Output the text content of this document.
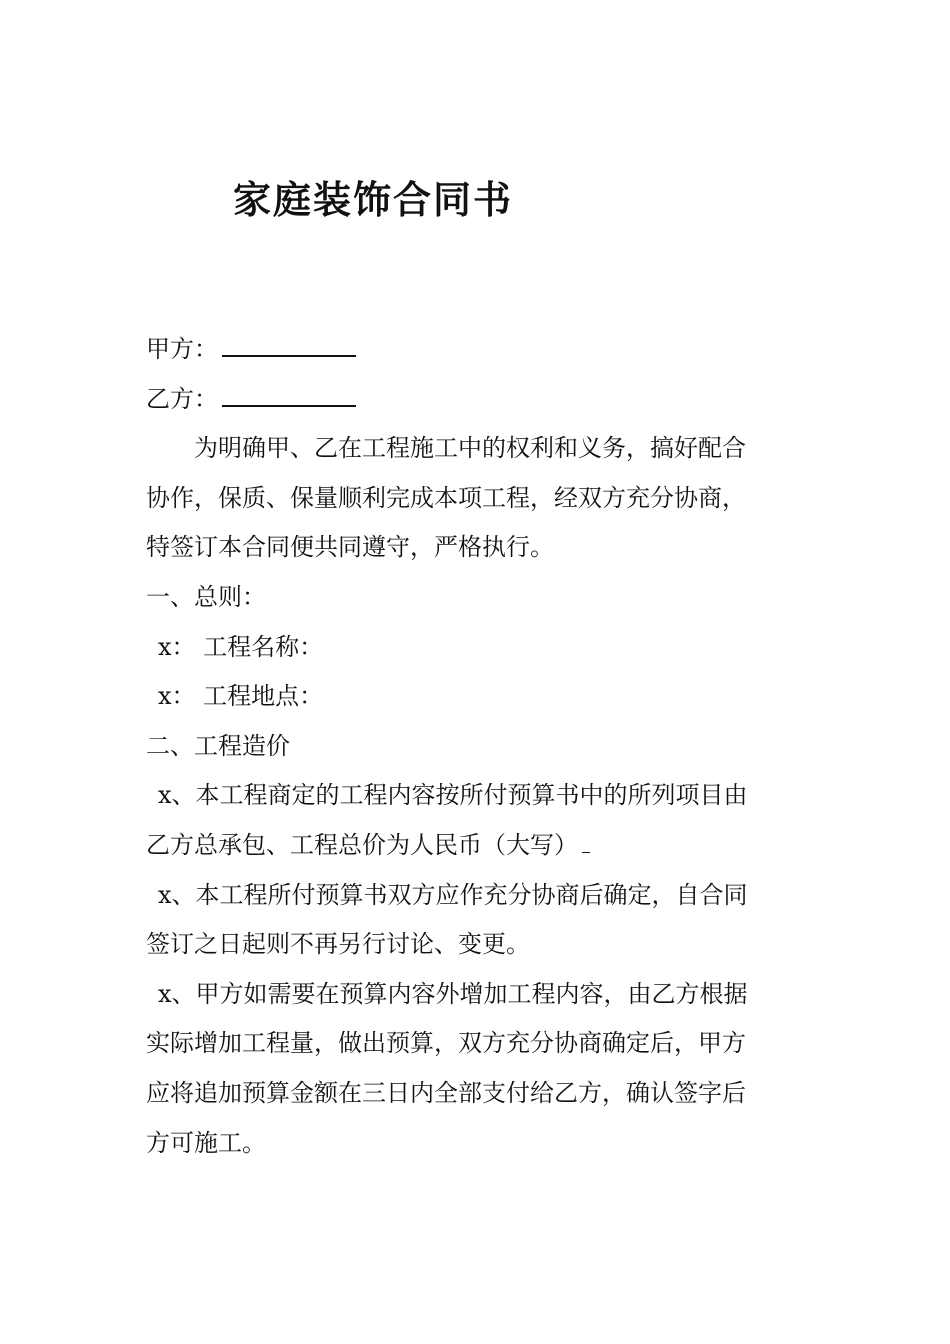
家庭装饰合同书
甲方：
乙方：
为明确甲、乙在工程施工中的权利和义务，搞好配合
协作，保质、保量顺利完成本项工程，经双方充分协商，
特签订本合同便共同遵守，严格执行。
一、总则：
x： 工程名称：
x： 工程地点：
二、工程造价
x、本工程商定的工程内容按所付预算书中的所列项目由
乙方总承包、工程总价为人民币（大写）
x、本工程所付预算书双方应作充分协商后确定，自合同
签订之日起则不再另行讨论、变更。
x、甲方如需要在预算内容外增加工程内容，由乙方根据
实际增加工程量，做出预算，双方充分协商确定后，甲方
应将追加预算金额在三日内全部支付给乙方，确认签字后
方可施工。
